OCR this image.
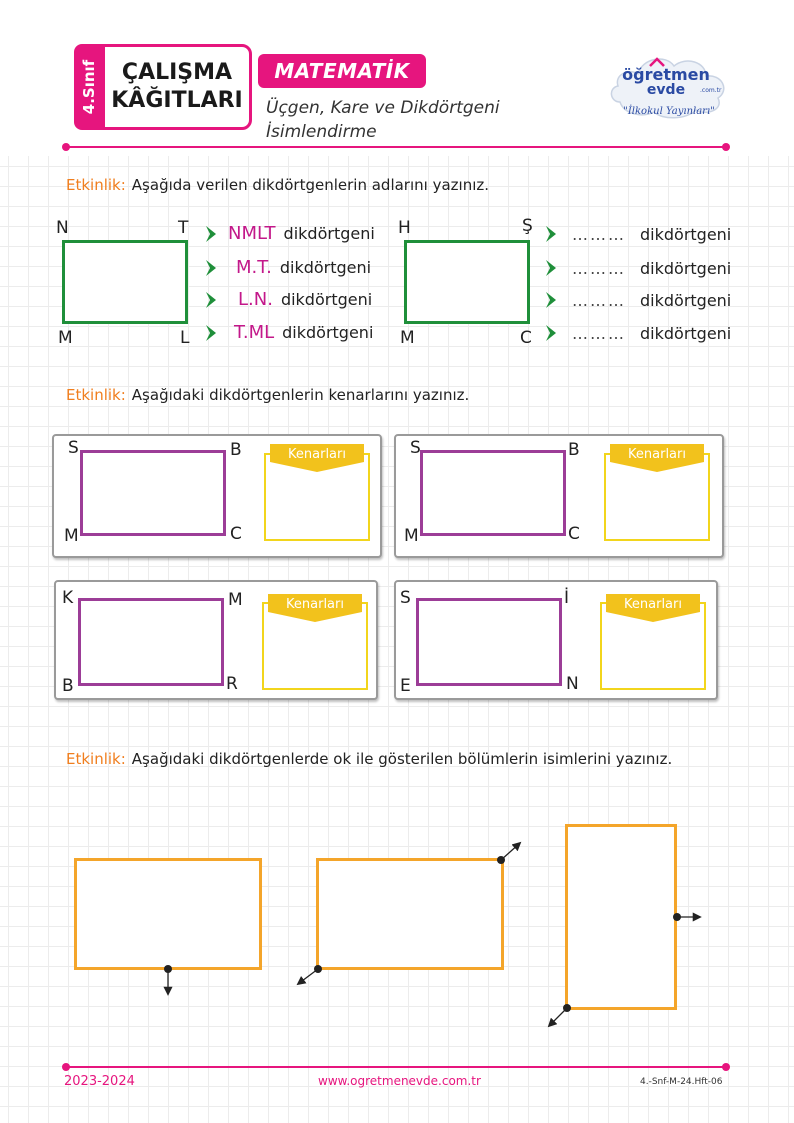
4.Sınıf ÇALIŞMA
KÂĞITLARI
MATEMATİK
Üçgen, Kare ve Dikdörtgeni
İsimlendirme
öğretmen
evde .com.tr
"İlkokul Yayınları"
Etkinlik: Aşağıda verilen dikdörtgenlerin adlarını yazınız.
N	T
M	L
NMLT dikdörtgeni
M.T. dikdörtgeni
L.N. dikdörtgeni
T.ML dikdörtgeni
H	Ş
M	C
……… dikdörtgeni
……… dikdörtgeni
……… dikdörtgeni
……… dikdörtgeni
Etkinlik: Aşağıdaki dikdörtgenlerin kenarlarını yazınız.
S	B
M	C
Kenarları	S	B
M	C
Kenarları
K	M
B	R
Kenarları	S	İ
E	N
Kenarları
Etkinlik: Aşağıdaki dikdörtgenlerde ok ile gösterilen bölümlerin isimlerini yazınız.
2023-2024	www.ogretmenevde.com.tr	4.-Snf-M-24.Hft-06
